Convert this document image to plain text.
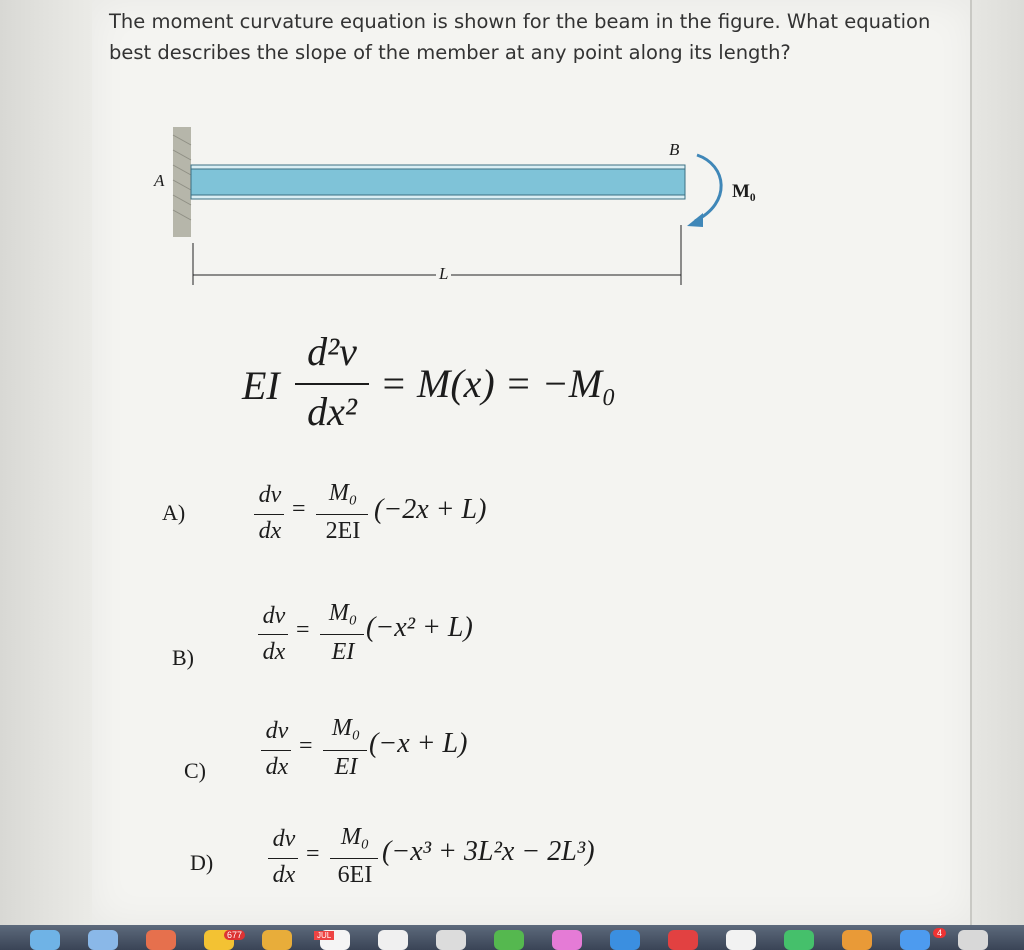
The moment curvature equation is shown for the beam in the figure. What equation best describes the slope of the member at any point along its length?
A
B
L
M₀
EI
d²v
dx²
= M(x) = −M₀
A)
dv
dx
=
M₀
2EI
(−2x + L)
B)
dv
dx
=
M₀
EI
(−x² + L)
C)
dv
dx
=
M₀
EI
(−x + L)
D)
dv
dx
=
M₀
6EI
(−x³ + 3L²x − 2L³)
677	JUL	4
